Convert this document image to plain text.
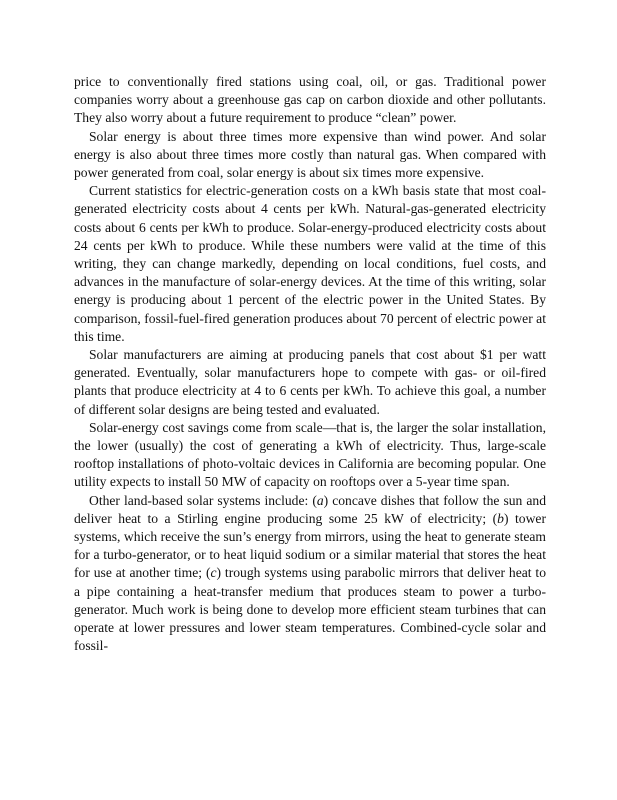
price to conventionally fired stations using coal, oil, or gas. Traditional power companies worry about a greenhouse gas cap on carbon dioxide and other pollutants. They also worry about a future requirement to produce “clean” power.

Solar energy is about three times more expensive than wind power. And solar energy is also about three times more costly than natural gas. When compared with power generated from coal, solar energy is about six times more expensive.

Current statistics for electric-generation costs on a kWh basis state that most coal-generated electricity costs about 4 cents per kWh. Natural-gas-generated electricity costs about 6 cents per kWh to produce. Solar-energy-produced electricity costs about 24 cents per kWh to produce. While these numbers were valid at the time of this writing, they can change markedly, depending on local conditions, fuel costs, and advances in the manufacture of solar-energy devices. At the time of this writing, solar energy is producing about 1 percent of the electric power in the United States. By comparison, fossil-fuel-fired generation produces about 70 percent of electric power at this time.

Solar manufacturers are aiming at producing panels that cost about $1 per watt generated. Eventually, solar manufacturers hope to compete with gas- or oil-fired plants that produce electricity at 4 to 6 cents per kWh. To achieve this goal, a number of different solar designs are being tested and evaluated.

Solar-energy cost savings come from scale—that is, the larger the solar installation, the lower (usually) the cost of generating a kWh of electricity. Thus, large-scale rooftop installations of photo-voltaic devices in California are becoming popular. One utility expects to install 50 MW of capacity on rooftops over a 5-year time span.

Other land-based solar systems include: (a) concave dishes that follow the sun and deliver heat to a Stirling engine producing some 25 kW of electricity; (b) tower systems, which receive the sun’s energy from mirrors, using the heat to generate steam for a turbo-generator, or to heat liquid sodium or a similar material that stores the heat for use at another time; (c) trough systems using parabolic mirrors that deliver heat to a pipe containing a heat-transfer medium that produces steam to power a turbo-generator. Much work is being done to develop more efficient steam turbines that can operate at lower pressures and lower steam temperatures. Combined-cycle solar and fossil-
